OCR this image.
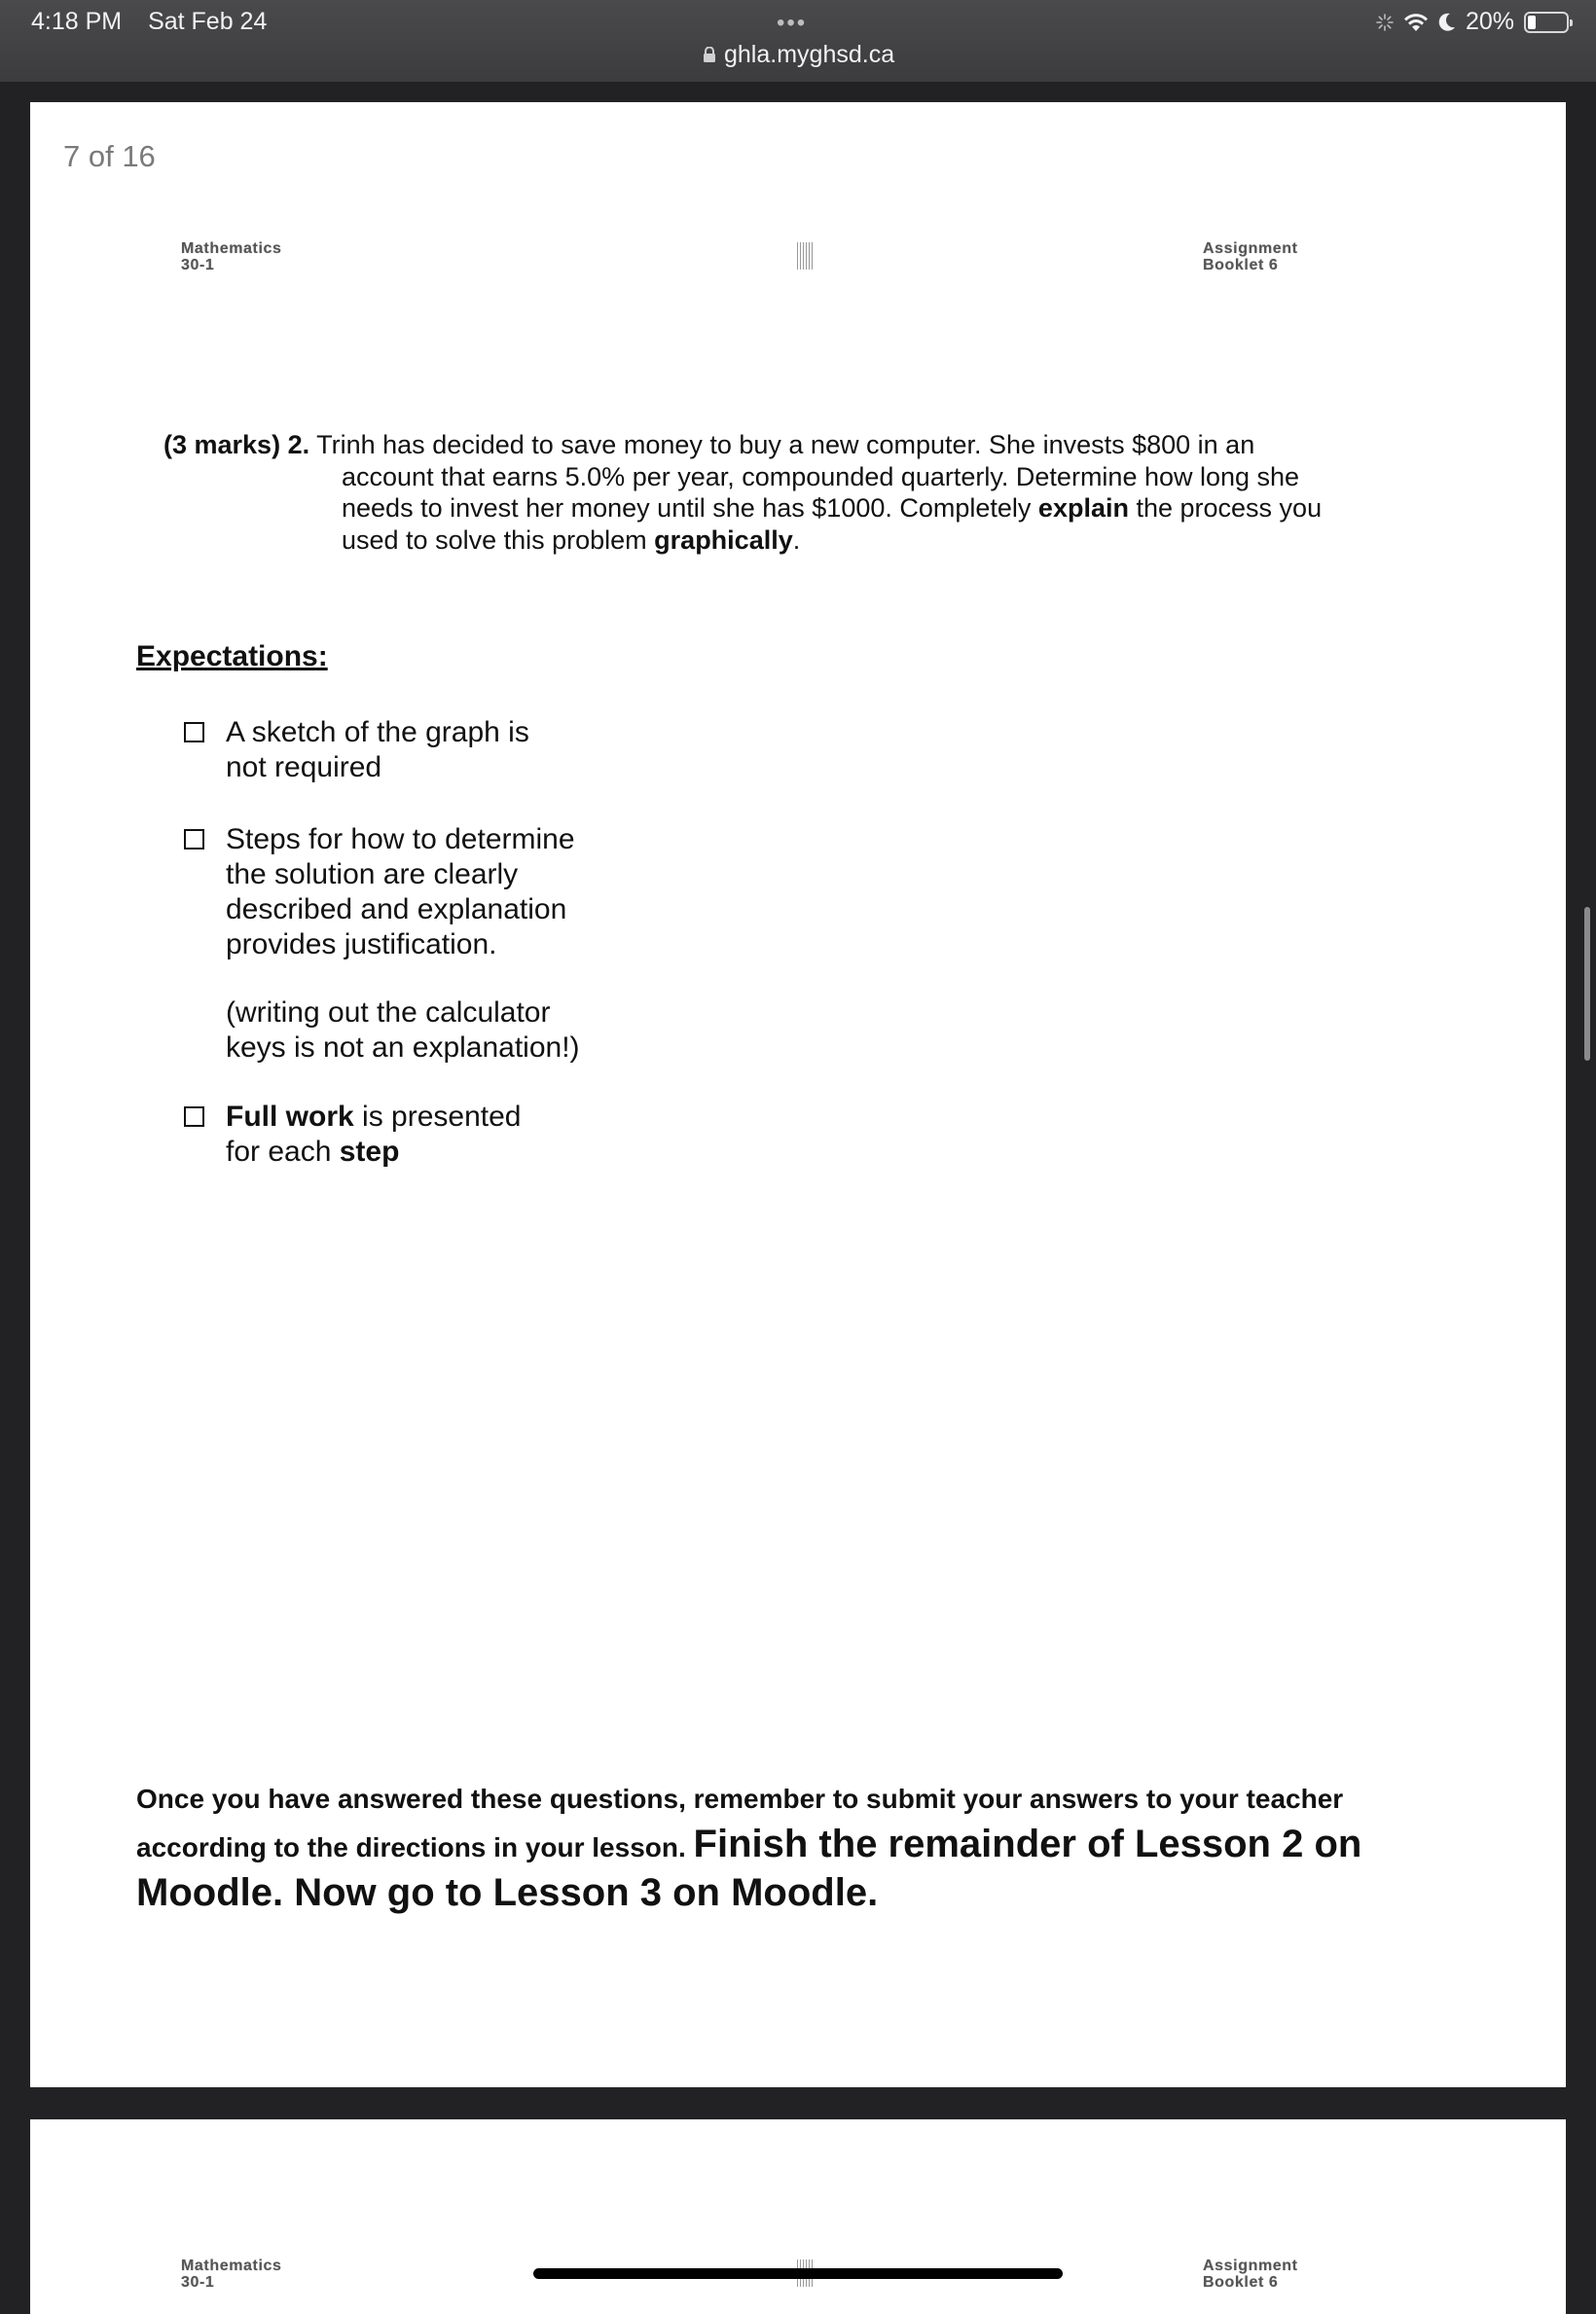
4:18 PM Sat Feb 24	•••
ghla.myghsd.ca
20%
7 of 16
Mathematics
30-1
Assignment
Booklet 6
(3 marks) 2. Trinh has decided to save money to buy a new computer. She invests $800 in an
account that earns 5.0% per year, compounded quarterly. Determine how long she
needs to invest her money until she has $1000. Completely explain the process you
used to solve this problem graphically.
Expectations:
A sketch of the graph is
not required
Steps for how to determine
the solution are clearly
described and explanation
provides justification.
(writing out the calculator
keys is not an explanation!)
Full work is presented
for each step
Once you have answered these questions, remember to submit your answers to your teacher
according to the directions in your lesson. Finish the remainder of Lesson 2 on
Moodle. Now go to Lesson 3 on Moodle.
Mathematics
30-1
Assignment
Booklet 6
